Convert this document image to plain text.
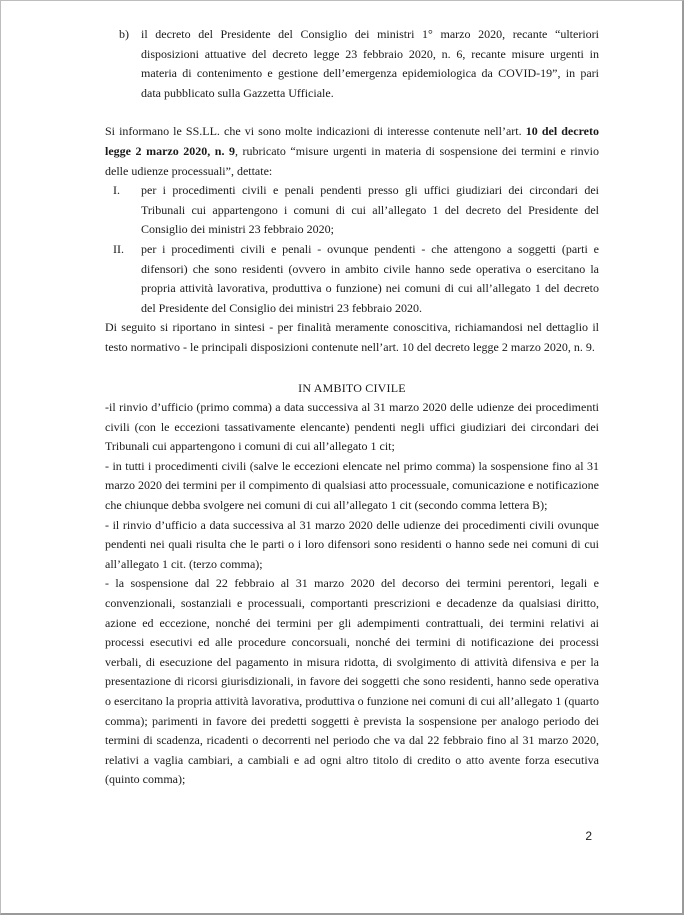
b) il decreto del Presidente del Consiglio dei ministri 1° marzo 2020, recante “ulteriori disposizioni attuative del decreto legge 23 febbraio 2020, n. 6, recante misure urgenti in materia di contenimento e gestione dell’emergenza epidemiologica da COVID-19”, in pari data pubblicato sulla Gazzetta Ufficiale.

Si informano le SS.LL. che vi sono molte indicazioni di interesse contenute nell’art. 10 del decreto legge 2 marzo 2020, n. 9, rubricato “misure urgenti in materia di sospensione dei termini e rinvio delle udienze processuali”, dettate:

I. per i procedimenti civili e penali pendenti presso gli uffici giudiziari dei circondari dei Tribunali cui appartengono i comuni di cui all’allegato 1 del decreto del Presidente del Consiglio dei ministri 23 febbraio 2020;

II. per i procedimenti civili e penali - ovunque pendenti - che attengono a soggetti (parti e difensori) che sono residenti (ovvero in ambito civile hanno sede operativa o esercitano la propria attività lavorativa, produttiva o funzione) nei comuni di cui all’allegato 1 del decreto del Presidente del Consiglio dei ministri 23 febbraio 2020.

Di seguito si riportano in sintesi - per finalità meramente conoscitiva, richiamandosi nel dettaglio il testo normativo - le principali disposizioni contenute nell’art. 10 del decreto legge 2 marzo 2020, n. 9.

IN AMBITO CIVILE

-il rinvio d’ufficio (primo comma) a data successiva al 31 marzo 2020 delle udienze dei procedimenti civili (con le eccezioni tassativamente elencante) pendenti negli uffici giudiziari dei circondari dei Tribunali cui appartengono i comuni di cui all’allegato 1 cit;

- in tutti i procedimenti civili (salve le eccezioni elencate nel primo comma) la sospensione fino al 31 marzo 2020 dei termini per il compimento di qualsiasi atto processuale, comunicazione e notificazione che chiunque debba svolgere nei comuni di cui all’allegato 1 cit (secondo comma lettera B);

- il rinvio d’ufficio a data successiva al 31 marzo 2020 delle udienze dei procedimenti civili ovunque pendenti nei quali risulta che le parti o i loro difensori sono residenti o hanno sede nei comuni di cui all’allegato 1 cit. (terzo comma);

- la sospensione dal 22 febbraio al 31 marzo 2020 del decorso dei termini perentori, legali e convenzionali, sostanziali e processuali, comportanti prescrizioni e decadenze da qualsiasi diritto, azione ed eccezione, nonché dei termini per gli adempimenti contrattuali, dei termini relativi ai processi esecutivi ed alle procedure concorsuali, nonché dei termini di notificazione dei processi verbali, di esecuzione del pagamento in misura ridotta, di svolgimento di attività difensiva e per la presentazione di ricorsi giurisdizionali, in favore dei soggetti che sono residenti, hanno sede operativa o esercitano la propria attività lavorativa, produttiva o funzione nei comuni di cui all’allegato 1 (quarto comma); parimenti in favore dei predetti soggetti è prevista la sospensione per analogo periodo dei termini di scadenza, ricadenti o decorrenti nel periodo che va dal 22 febbraio fino al 31 marzo 2020, relativi a vaglia cambiari, a cambiali e ad ogni altro titolo di credito o atto avente forza esecutiva (quinto comma);

2
